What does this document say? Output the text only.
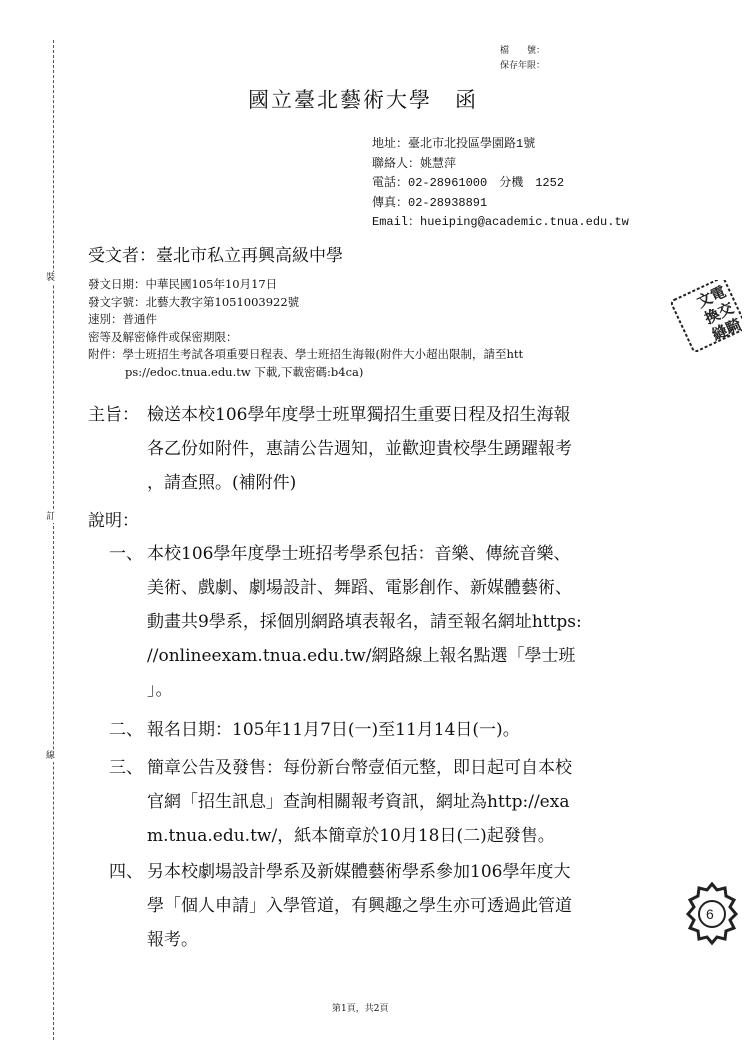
裝
訂
線
檔　　號：
保存年限：
國立臺北藝術大學　函
地址：臺北市北投區學園路1號
聯絡人：姚慧萍
電話：02-28961000　分機　1252
傳真：02-28938891
Email：hueiping@academic.tnua.edu.tw
受文者：臺北市私立再興高級中學
發文日期：中華民國105年10月17日
發文字號：北藝大教字第1051003922號
速別：普通件
密等及解密條件或保密期限：
附件：學士班招生考試各項重要日程表、學士班招生海報(附件大小超出限制，請至htt
ps://edoc.tnua.edu.tw 下載,下載密碼:b4ca)
主旨： 檢送本校106學年度學士班單獨招生重要日程及招生海報
各乙份如附件，惠請公告週知，並歡迎貴校學生踴躍報考
，請查照。(補附件)
說明：
一、 本校106學年度學士班招考學系包括：音樂、傳統音樂、
美術、戲劇、劇場設計、舞蹈、電影創作、新媒體藝術、
動畫共9學系，採個別網路填表報名，請至報名網址https:
//onlineexam.tnua.edu.tw/網路線上報名點選「學士班
」。
二、 報名日期：105年11月7日(一)至11月14日(一)。
三、 簡章公告及發售：每份新台幣壹佰元整，即日起可自本校
官網「招生訊息」查詢相關報考資訊，網址為http://exa
m.tnua.edu.tw/，紙本簡章於10月18日(二)起發售。
四、 另本校劇場設計學系及新媒體藝術學系參加106學年度大
學「個人申請」入學管道，有興趣之學生亦可透過此管道
報考。
電
文 交
換 騎
縫
6
第1頁，共2頁
